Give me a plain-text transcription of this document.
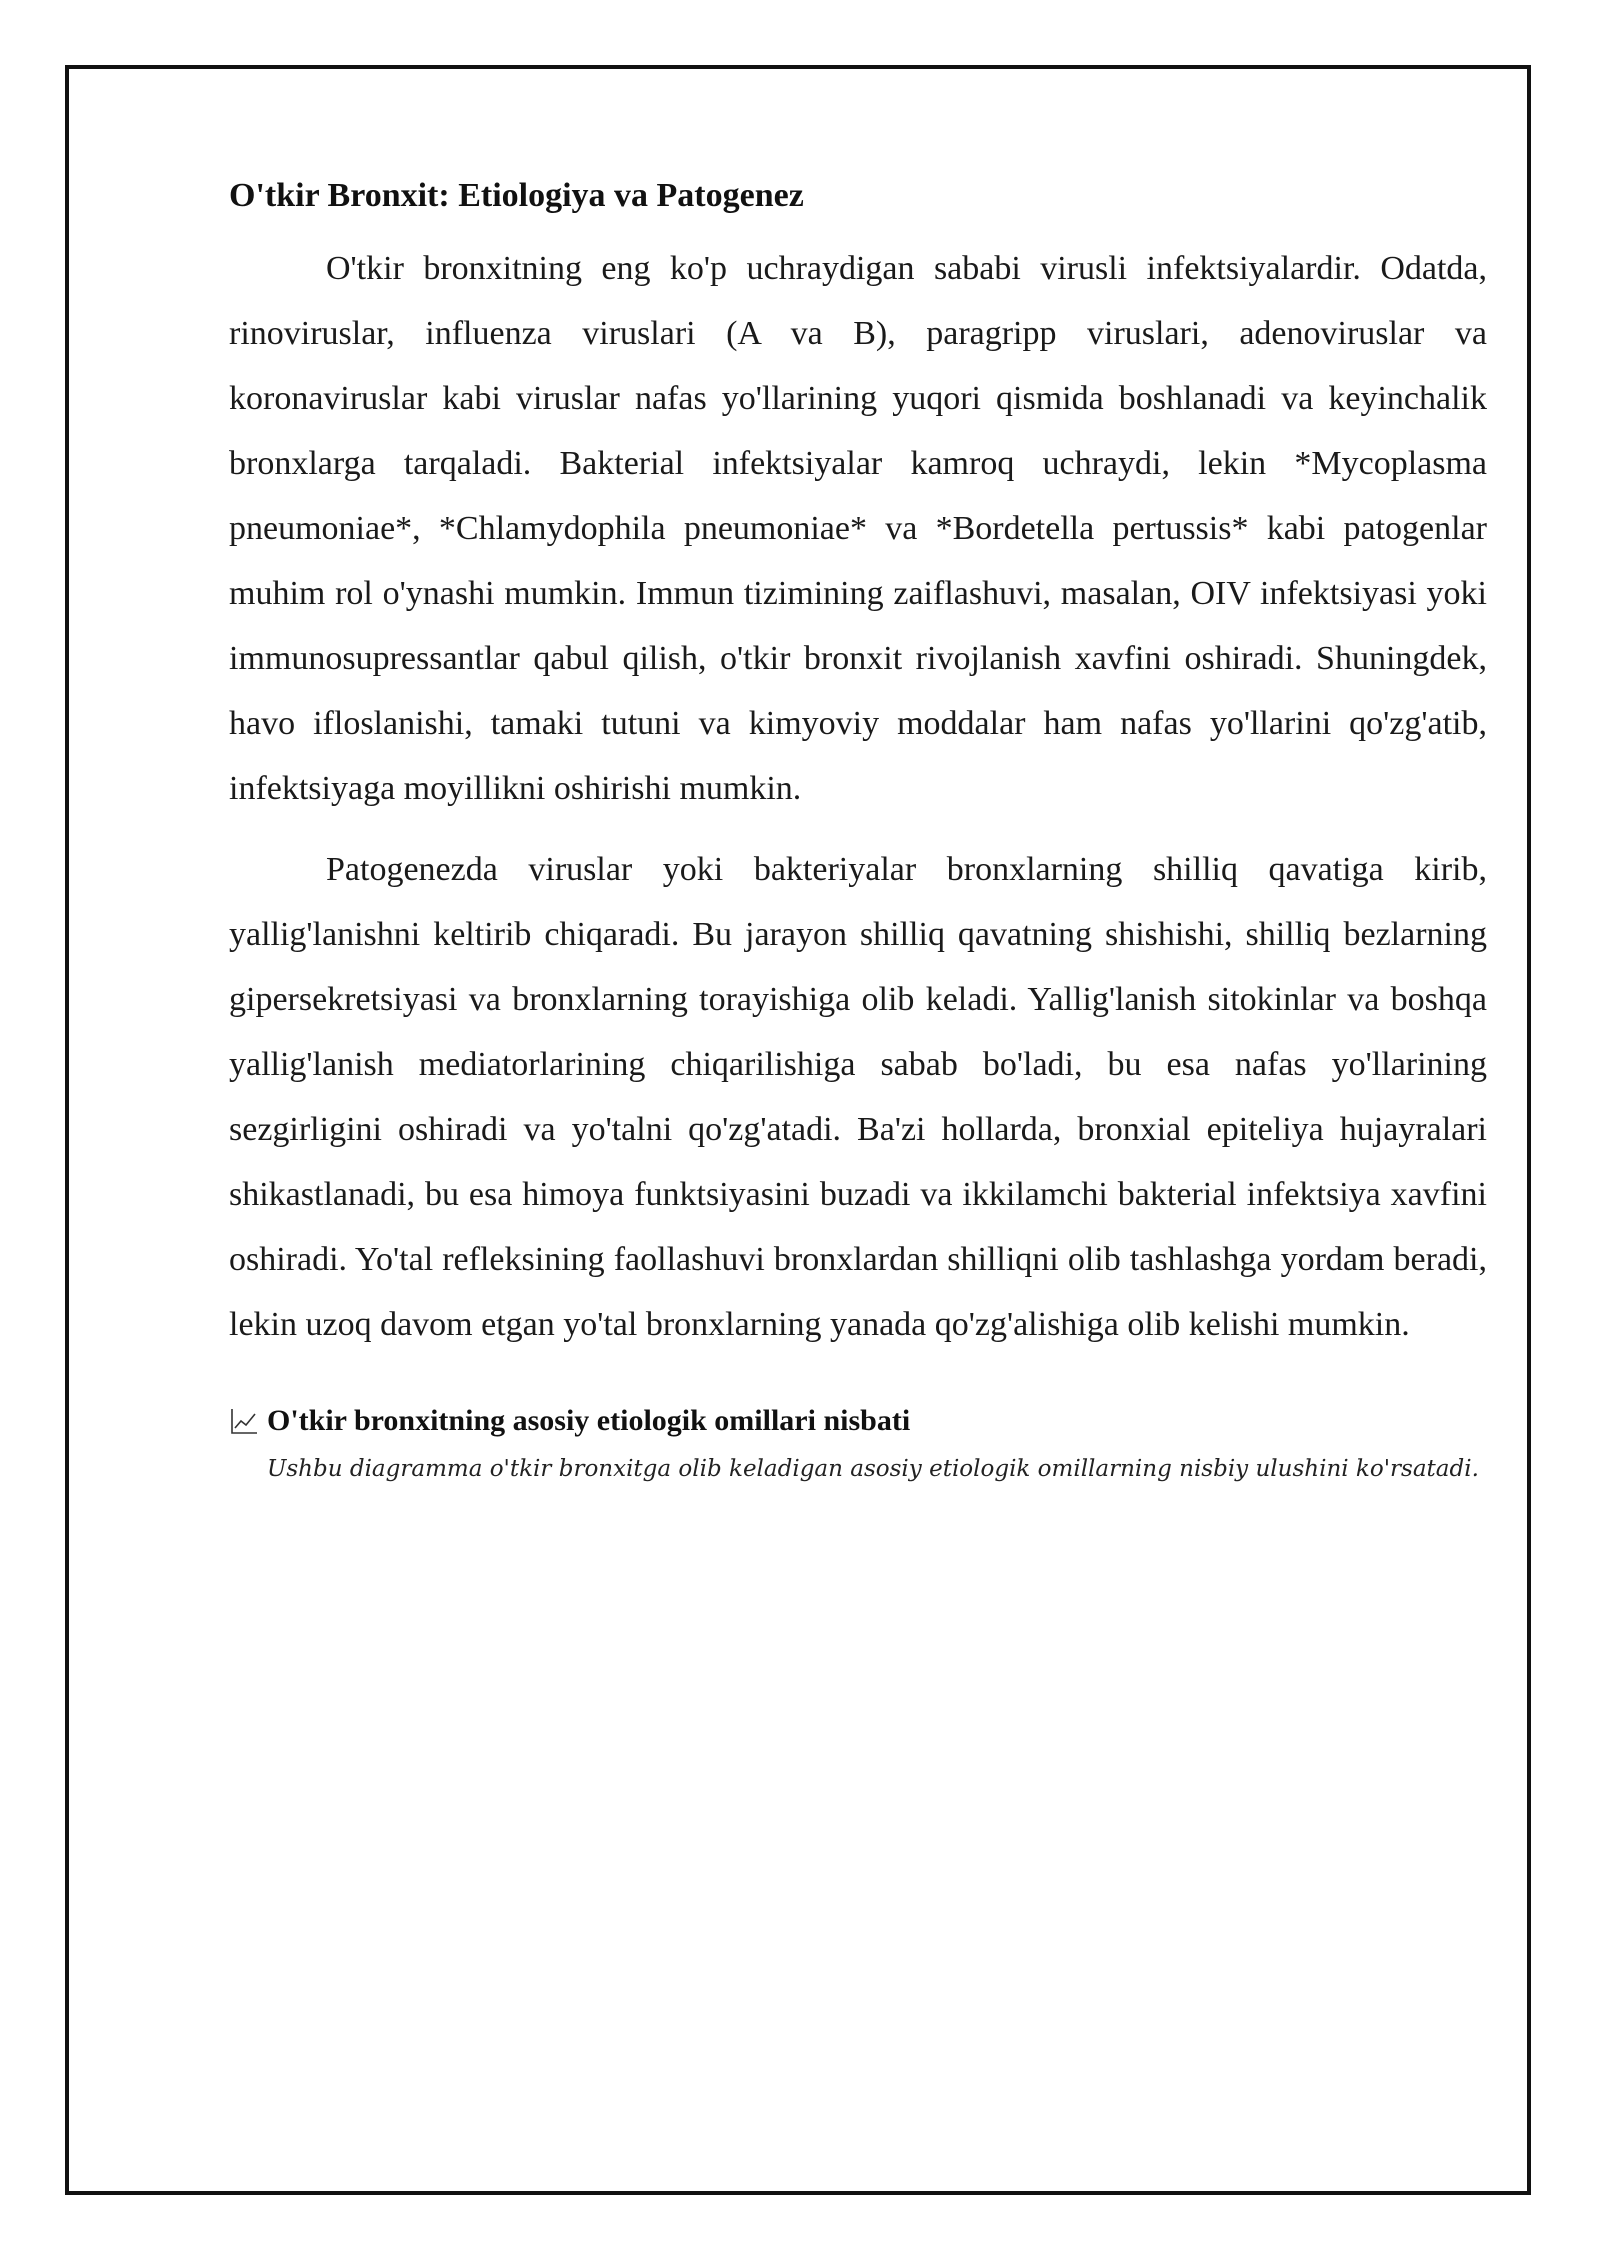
O'tkir Bronxit: Etiologiya va Patogenez

O'tkir bronxitning eng ko'p uchraydigan sababi virusli infektsiyalardir. Odatda, rinoviruslar, influenza viruslari (A va B), paragripp viruslari, adenoviruslar va koronaviruslar kabi viruslar nafas yo'llarining yuqori qismida boshlanadi va keyinchalik bronxlarga tarqaladi. Bakterial infektsiyalar kamroq uchraydi, lekin *Mycoplasma pneumoniae*, *Chlamydophila pneumoniae* va *Bordetella pertussis* kabi patogenlar muhim rol o'ynashi mumkin. Immun tizimining zaiflashuvi, masalan, OIV infektsiyasi yoki immunosupressantlar qabul qilish, o'tkir bronxit rivojlanish xavfini oshiradi. Shuningdek, havo ifloslanishi, tamaki tutuni va kimyoviy moddalar ham nafas yo'llarini qo'zg'atib, infektsiyaga moyillikni oshirishi mumkin.

Patogenezda viruslar yoki bakteriyalar bronxlarning shilliq qavatiga kirib, yallig'lanishni keltirib chiqaradi. Bu jarayon shilliq qavatning shishishi, shilliq bezlarning gipersekretsiyasi va bronxlarning torayishiga olib keladi. Yallig'lanish sitokinlar va boshqa yallig'lanish mediatorlarining chiqarilishiga sabab bo'ladi, bu esa nafas yo'llarining sezgirligini oshiradi va yo'talni qo'zg'atadi. Ba'zi hollarda, bronxial epiteliya hujayralari shikastlanadi, bu esa himoya funktsiyasini buzadi va ikkilamchi bakterial infektsiya xavfini oshiradi. Yo'tal refleksining faollashuvi bronxlardan shilliqni olib tashlashga yordam beradi, lekin uzoq davom etgan yo'tal bronxlarning yanada qo'zg'alishiga olib kelishi mumkin.

O'tkir bronxitning asosiy etiologik omillari nisbati
Ushbu diagramma o'tkir bronxitga olib keladigan asosiy etiologik omillarning nisbiy ulushini ko'rsatadi.
